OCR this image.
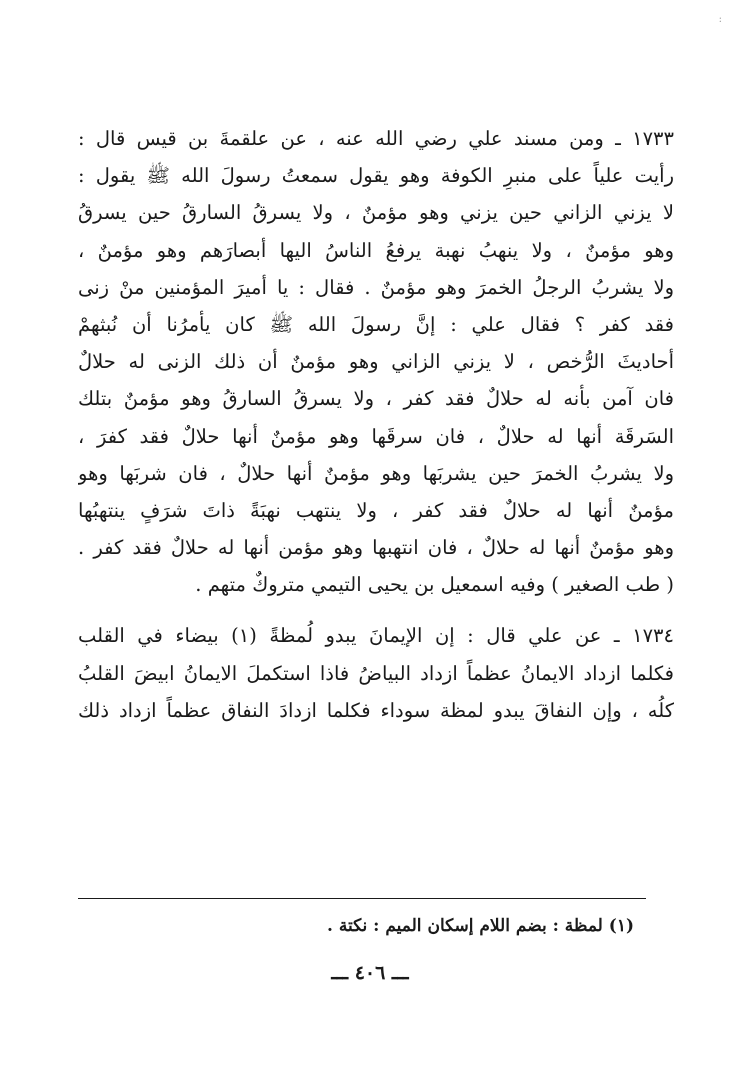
:
١٧٣٣ ـ ومن مسند علي رضي الله عنه ، عن علقمةَ بن قيس قال :
رأيت علياً على منبرِ الكوفة وهو يقول سمعتُ رسولَ الله ﷺ يقول :
لا يزني الزاني حين يزني وهو مؤمنٌ ، ولا يسرقُ السارقُ حين يسرقُ
وهو مؤمنٌ ، ولا ينهبُ نهبة يرفعُ الناسُ اليها أبصارَهم وهو مؤمنٌ ،
ولا يشربُ الرجلُ الخمرَ وهو مؤمنٌ . فقال : يا أميرَ المؤمنين منْ زنى
فقد كفر ؟ فقال علي : إنَّ رسولَ الله ﷺ كان يأمرُنا أن نُبثهمْ
أحاديثَ الرُّخص ، لا يزني الزاني وهو مؤمنٌ أن ذلك الزنى له حلالٌ
فان آمن بأنه له حلالٌ فقد كفر ، ولا يسرقُ السارقُ وهو مؤمنٌ بتلك
السَرقَة أنها له حلالٌ ، فان سرقَها وهو مؤمنٌ أنها حلالٌ فقد كفرَ ،
ولا يشربُ الخمرَ حين يشربَها وهو مؤمنٌ أنها حلالٌ ، فان شربَها وهو
مؤمنٌ أنها له حلالٌ فقد كفر ، ولا ينتهب نهبَةً ذاتَ شرَفٍ ينتهبُها
وهو مؤمنٌ أنها له حلالٌ ، فان انتهبها وهو مؤمن أنها له حلالٌ فقد كفر .
( طب الصغير ) وفيه اسمعيل بن يحيى التيمي متروكٌ متهم .
١٧٣٤ ـ عن علي قال : إن الإيمانَ يبدو لُمظةً (١) بيضاء في القلب
فكلما ازداد الايمانُ عظماً ازداد البياضُ فاذا استكملَ الايمانُ ابيضَ القلبُ
كلُه ، وإن النفاقَ يبدو لمظة سوداء فكلما ازدادَ النفاق عظماً ازداد ذلك
(١) لمظة : بضم اللام إسكان الميم : نكتة .
ـــ ٤٠٦ ـــ
